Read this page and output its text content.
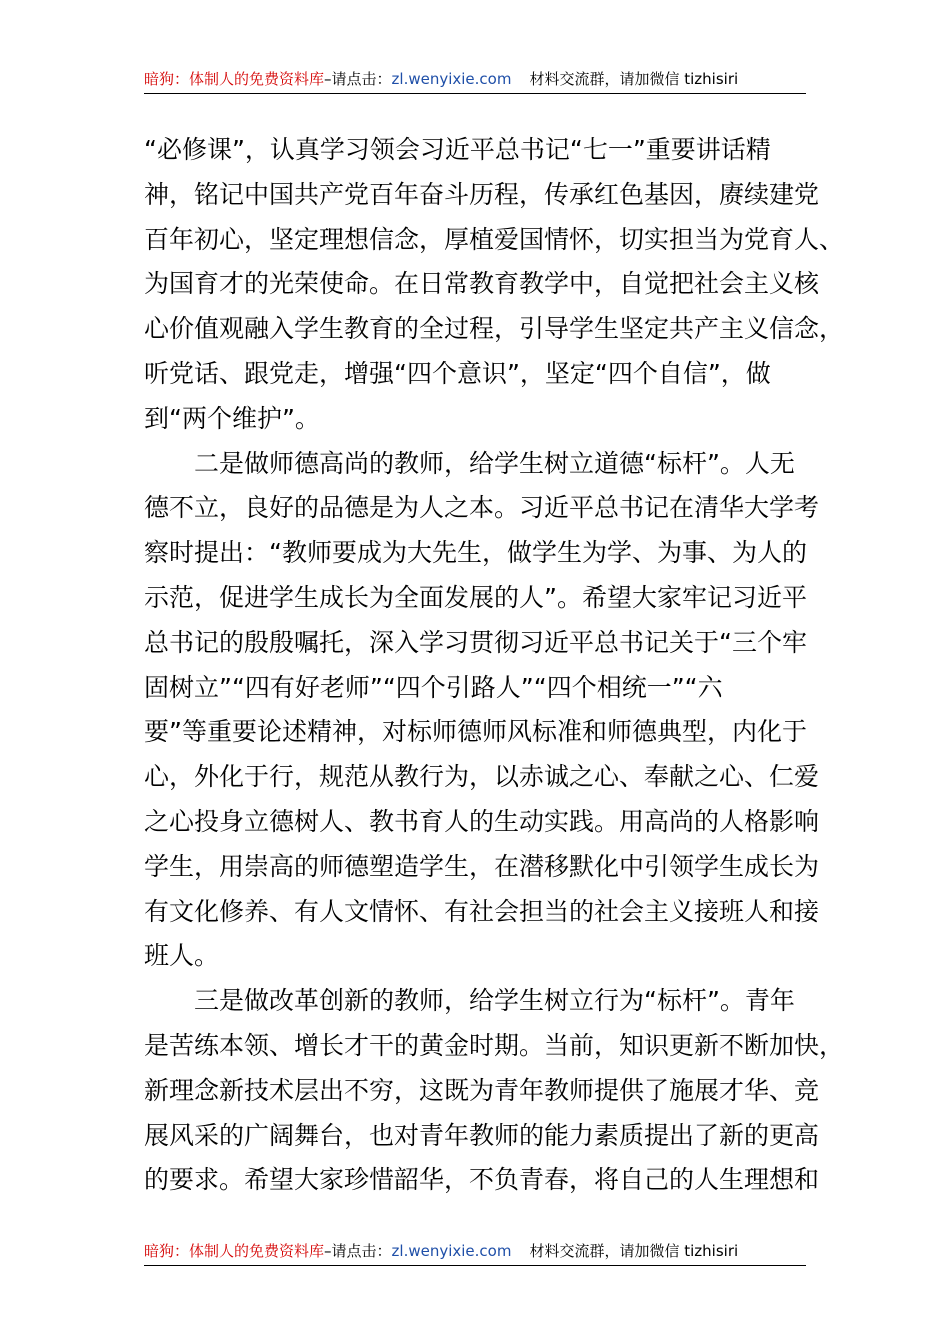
暗狗：体制人的免费资料库–请点击：zl.wenyixie.com 材料交流群，请加微信 tizhisiri
“必修课”，认真学习领会习近平总书记“七一”重要讲话精
神，铭记中国共产党百年奋斗历程，传承红色基因，赓续建党
百年初心，坚定理想信念，厚植爱国情怀，切实担当为党育人、
为国育才的光荣使命。在日常教育教学中，自觉把社会主义核
心价值观融入学生教育的全过程，引导学生坚定共产主义信念，
听党话、跟党走，增强“四个意识”，坚定“四个自信”，做
到“两个维护”。
二是做师德高尚的教师，给学生树立道德“标杆”。人无
德不立，良好的品德是为人之本。习近平总书记在清华大学考
察时提出：“教师要成为大先生，做学生为学、为事、为人的
示范，促进学生成长为全面发展的人”。希望大家牢记习近平
总书记的殷殷嘱托，深入学习贯彻习近平总书记关于“三个牢
固树立”“四有好老师”“四个引路人”“四个相统一”“六
要”等重要论述精神，对标师德师风标准和师德典型，内化于
心，外化于行，规范从教行为，以赤诚之心、奉献之心、仁爱
之心投身立德树人、教书育人的生动实践。用高尚的人格影响
学生，用崇高的师德塑造学生，在潜移默化中引领学生成长为
有文化修养、有人文情怀、有社会担当的社会主义接班人和接
班人。
三是做改革创新的教师，给学生树立行为“标杆”。青年
是苦练本领、增长才干的黄金时期。当前，知识更新不断加快，
新理念新技术层出不穷，这既为青年教师提供了施展才华、竞
展风采的广阔舞台，也对青年教师的能力素质提出了新的更高
的要求。希望大家珍惜韶华，不负青春，将自己的人生理想和
暗狗：体制人的免费资料库–请点击：zl.wenyixie.com 材料交流群，请加微信 tizhisiri
